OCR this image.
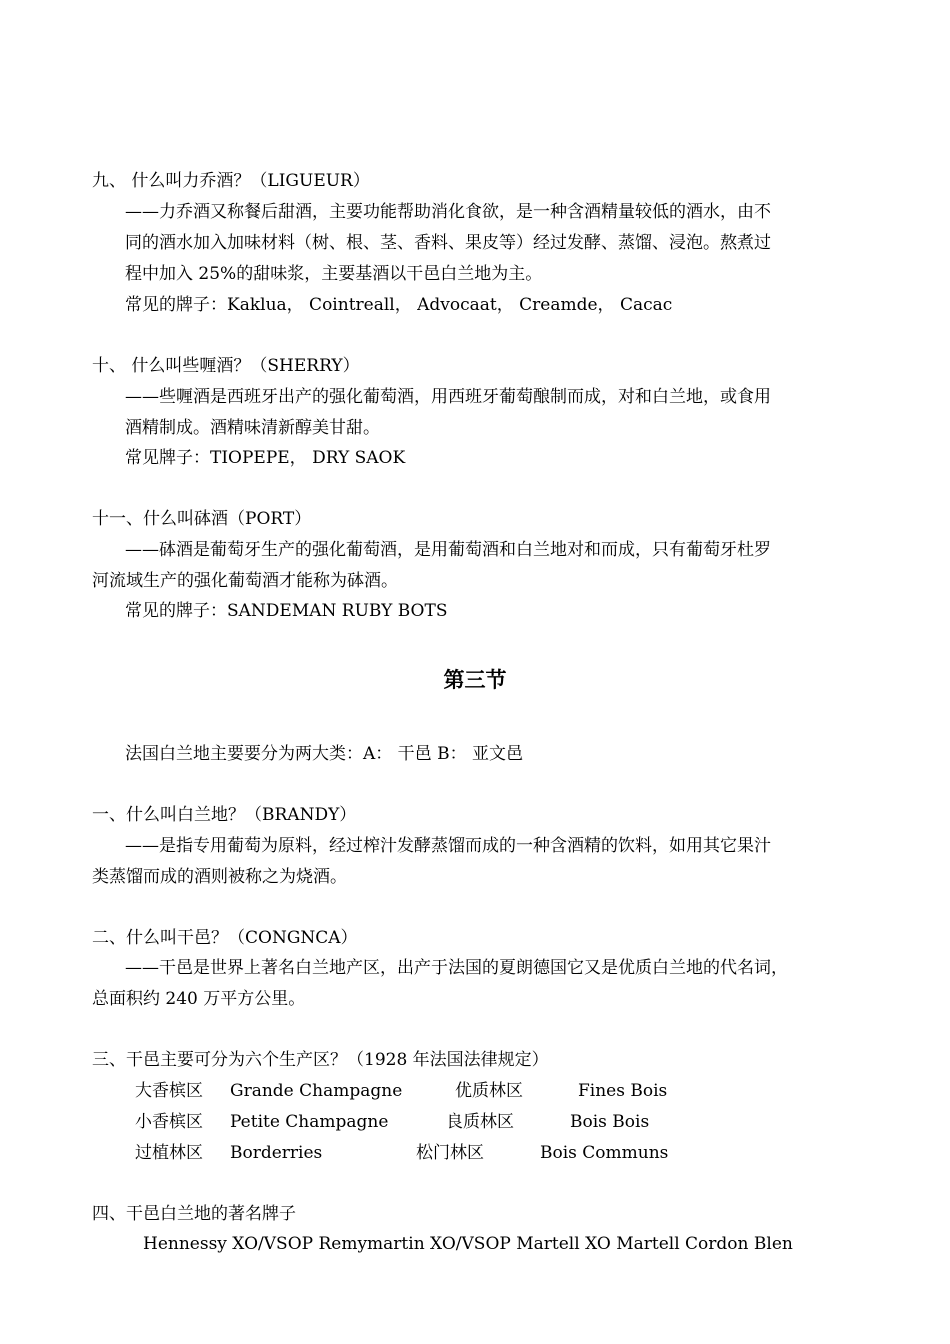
九、 什么叫力乔酒？（LIGUEUR）
——力乔酒又称餐后甜酒，主要功能帮助消化食欲，是一种含酒精量较低的酒水，由不
同的酒水加入加味材料（树、根、茎、香料、果皮等）经过发酵、蒸馏、浸泡。熬煮过
程中加入 25%的甜味浆，主要基酒以干邑白兰地为主。
常见的牌子：Kaklua， Cointreall， Advocaat， Creamde， Cacac
十、 什么叫些喱酒？（SHERRY）
——些喱酒是西班牙出产的强化葡萄酒，用西班牙葡萄酿制而成，对和白兰地，或食用
酒精制成。酒精味清新醇美甘甜。
常见牌子：TIOPEPE， DRY SAOK
十一、什么叫砵酒（PORT）
——砵酒是葡萄牙生产的强化葡萄酒，是用葡萄酒和白兰地对和而成，只有葡萄牙杜罗
河流域生产的强化葡萄酒才能称为砵酒。
常见的牌子：SANDEMAN RUBY BOTS
第三节
法国白兰地主要要分为两大类：A： 干邑 B： 亚文邑
一、什么叫白兰地？（BRANDY）
——是指专用葡萄为原料，经过榨汁发酵蒸馏而成的一种含酒精的饮料，如用其它果汁
类蒸馏而成的酒则被称之为烧酒。
二、什么叫干邑？（CONGNCA）
——干邑是世界上著名白兰地产区，出产于法国的夏朗德国它又是优质白兰地的代名词，
总面积约 240 万平方公里。
三、干邑主要可分为六个生产区？（1928 年法国法律规定）
大香槟区 Grande Champagne	优质林区	Fines Bois
小香槟区 Petite Champagne	良质林区	Bois Bois
过植林区 Borderries	松门林区	Bois Communs
四、干邑白兰地的著名牌子
Hennessy XO/VSOP Remymartin XO/VSOP Martell XO Martell Cordon Blen
